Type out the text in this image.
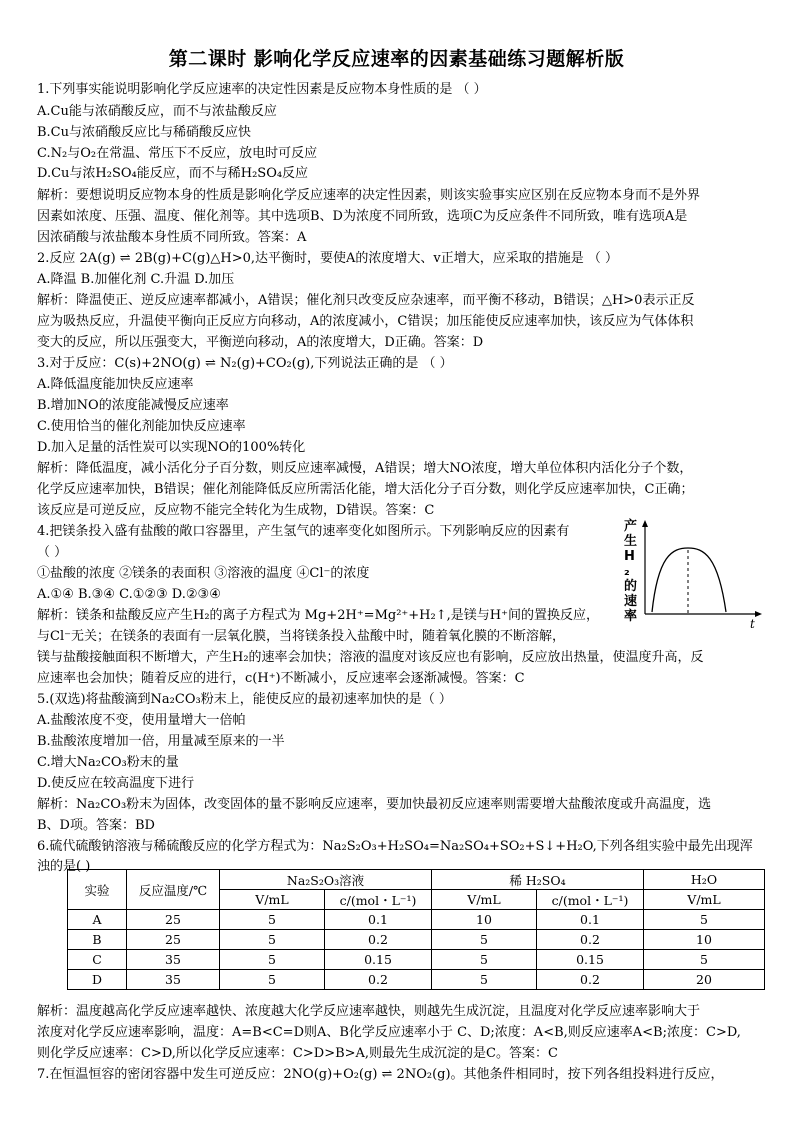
第二课时 影响化学反应速率的因素基础练习题解析版
1.下列事实能说明影响化学反应速率的决定性因素是反应物本身性质的是 （ ）
A.Cu能与浓硝酸反应，而不与浓盐酸反应
B.Cu与浓硝酸反应比与稀硝酸反应快
C.N₂与O₂在常温、常压下不反应，放电时可反应
D.Cu与浓H₂SO₄能反应，而不与稀H₂SO₄反应
解析：要想说明反应物本身的性质是影响化学反应速率的决定性因素，则该实验事实应区别在反应物本身而不是外界
因素如浓度、压强、温度、催化剂等。其中选项B、D为浓度不同所致，选项C为反应条件不同所致，唯有选项A是
因浓硝酸与浓盐酸本身性质不同所致。答案：A
2.反应 2A(g) ⇌ 2B(g)+C(g)△H>0,达平衡时，要使A的浓度增大、v正增大，应采取的措施是 （ ）
A.降温 B.加催化剂 C.升温 D.加压
解析：降温使正、逆反应速率都减小，A错误；催化剂只改变反应杂速率，而平衡不移动，B错误；△H>0表示正反
应为吸热反应，升温使平衡向正反应方向移动，A的浓度减小，C错误；加压能使反应速率加快，该反应为气体体积
变大的反应，所以压强变大，平衡逆向移动，A的浓度增大，D正确。答案：D
3.对于反应：C(s)+2NO(g) ⇌ N₂(g)+CO₂(g),下列说法正确的是 （ ）
A.降低温度能加快反应速率
B.增加NO的浓度能减慢反应速率
C.使用恰当的催化剂能加快反应速率
D.加入足量的活性炭可以实现NO的100%转化
解析：降低温度，减小活化分子百分数，则反应速率减慢，A错误；增大NO浓度，增大单位体积内活化分子个数，
化学反应速率加快，B错误；催化剂能降低反应所需活化能，增大活化分子百分数，则化学反应速率加快，C正确；
该反应是可逆反应，反应物不能完全转化为生成物，D错误。答案：C
4.把镁条投入盛有盐酸的敞口容器里，产生氢气的速率变化如图所示。下列影响反应的因素有
（ ）
①盐酸的浓度 ②镁条的表面积 ③溶液的温度 ④Cl⁻的浓度
A.①④ B.③④ C.①②③ D.②③④
解析：镁条和盐酸反应产生H₂的离子方程式为 Mg+2H⁺=Mg²⁺+H₂↑,是镁与H⁺间的置换反应，
与Cl⁻无关；在镁条的表面有一层氧化膜，当将镁条投入盐酸中时，随着氧化膜的不断溶解，
镁与盐酸接触面积不断增大，产生H₂的速率会加快；溶液的温度对该反应也有影响，反应放出热量，使温度升高，反
应速率也会加快；随着反应的进行，c(H⁺)不断减小，反应速率会逐渐减慢。答案：C
5.(双选)将盐酸滴到Na₂CO₃粉末上，能使反应的最初速率加快的是（ ）
A.盐酸浓度不变，使用量增大一倍帕
B.盐酸浓度增加一倍，用量减至原来的一半
C.增大Na₂CO₃粉末的量
D.使反应在较高温度下进行
解析：Na₂CO₃粉末为固体，改变固体的量不影响反应速率，要加快最初反应速率则需要增大盐酸浓度或升高温度，选
B、D项。答案：BD
6.硫代硫酸钠溶液与稀硫酸反应的化学方程式为：Na₂S₂O₃+H₂SO₄=Na₂SO₄+SO₂+S↓+H₂O,下列各组实验中最先出现浑
浊的是( )
解析：温度越高化学反应速率越快、浓度越大化学反应速率越快，则越先生成沉淀，且温度对化学反应速率影响大于
浓度对化学反应速率影响，温度：A=B<C=D则A、B化学反应速率小于 C、D;浓度：A<B,则反应速率A<B;浓度：C>D,
则化学反应速率：C>D,所以化学反应速率：C>D>B>A,则最先生成沉淀的是C。答案：C
7.在恒温恒容的密闭容器中发生可逆反应：2NO(g)+O₂(g) ⇌ 2NO₂(g)。其他条件相同时，按下列各组投料进行反应，
产生 H ₂ 的速率	t
实验	反应温度/℃	Na₂S₂O₃溶液		稀 H₂SO₄		H₂O
		V/mL	c/(mol・L⁻¹)	V/mL	c/(mol・L⁻¹)	V/mL
A	25	5	0.1	10	0.1	5
B	25	5	0.2	5	0.2	10
C	35	5	0.15	5	0.15	5
D	35	5	0.2	5	0.2	20
